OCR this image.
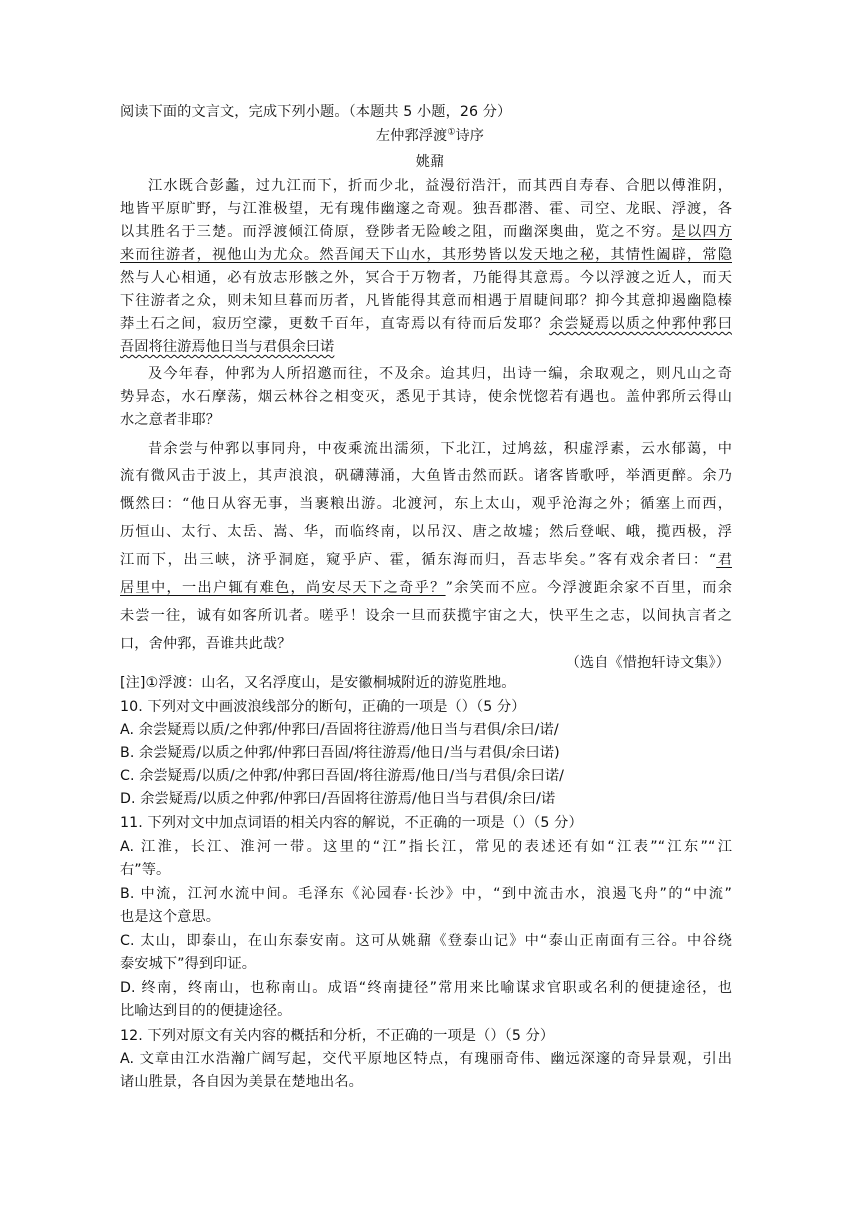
阅读下面的文言文，完成下列小题。（本题共 5 小题，26 分）
左仲郛浮渡①诗序
姚鼐
江水既合彭蠡，过九江而下，折而少北，益漫衍浩汗，而其西自寿春、合肥以傅淮阴，
地皆平原旷野，与江淮极望，无有瑰伟幽邃之奇观。独吾郡潜、霍、司空、龙眠、浮渡，各
以其胜名于三楚。而浮渡倾江倚原，登陟者无险峻之阻，而幽深奥曲，览之不穷。是以四方
来而往游者，视他山为尤众。然吾闻天下山水，其形势皆以发天地之秘，其情性阖辟，常隐
然与人心相通，必有放志形骸之外，冥合于万物者，乃能得其意焉。今以浮渡之近人，而天
下往游者之众，则未知旦暮而历者，凡皆能得其意而相遇于眉睫间耶？抑今其意抑遏幽隐榛
莽土石之间，寂历空濛，更数千百年，直寄焉以有待而后发耶？余尝疑焉以质之仲郛仲郛曰
吾固将往游焉他日当与君俱余曰诺
及今年春，仲郛为人所招邀而往，不及余。迨其归，出诗一编，余取观之，则凡山之奇
势异态，水石摩荡，烟云林谷之相变灭，悉见于其诗，使余恍惚若有遇也。盖仲郛所云得山
水之意者非耶？
昔余尝与仲郛以事同舟，中夜乘流出濡须，下北江，过鸠兹，积虚浮素，云水郁蔼，中
流有微风击于波上，其声浪浪，矾礴薄涌，大鱼皆击然而跃。诸客皆歌呼，举酒更醉。余乃
慨然曰：“他日从容无事，当裹粮出游。北渡河，东上太山，观乎沧海之外；循塞上而西，
历恒山、太行、太岳、嵩、华，而临终南，以吊汉、唐之故墟；然后登岷、峨，揽西极，浮
江而下，出三峡，济乎洞庭，窥乎庐、霍，循东海而归，吾志毕矣。”客有戏余者曰：“君
居里中，一出户辄有难色，尚安尽天下之奇乎？”余笑而不应。今浮渡距余家不百里，而余
未尝一往，诚有如客所讥者。嗟乎！设余一旦而获揽宇宙之大，快平生之志，以间执言者之
口，舍仲郛，吾谁共此哉？
（选自《惜抱轩诗文集》）
[注]①浮渡：山名，又名浮度山，是安徽桐城附近的游览胜地。
10. 下列对文中画波浪线部分的断句，正确的一项是（）（5 分）
A. 余尝疑焉以质/之仲郛/仲郛曰/吾固将往游焉/他日当与君俱/余曰/诺/
B. 余尝疑焉/以质之仲郛/仲郛曰吾固/将往游焉/他日/当与君俱/余曰诺)
C. 余尝疑焉/以质/之仲郛/仲郛曰吾固/将往游焉/他日/当与君俱/余曰诺/
D. 余尝疑焉/以质之仲郛/仲郛曰/吾固将往游焉/他日当与君俱/余曰/诺
11. 下列对文中加点词语的相关内容的解说，不正确的一项是（）（5 分）
A. 江淮，长江、淮河一带。这里的“江”指长江，常见的表述还有如“江表”“江东”“江
右”等。
B. 中流，江河水流中间。毛泽东《沁园春·长沙》中，“到中流击水，浪遏飞舟”的“中流”
也是这个意思。
C. 太山，即泰山，在山东泰安南。这可从姚鼐《登泰山记》中“泰山正南面有三谷。中谷绕
泰安城下”得到印证。
D. 终南，终南山，也称南山。成语“终南捷径”常用来比喻谋求官职或名利的便捷途径，也
比喻达到目的的便捷途径。
12. 下列对原文有关内容的概括和分析，不正确的一项是（）（5 分）
A. 文章由江水浩瀚广阔写起，交代平原地区特点，有瑰丽奇伟、幽远深邃的奇异景观，引出
诸山胜景，各自因为美景在楚地出名。
